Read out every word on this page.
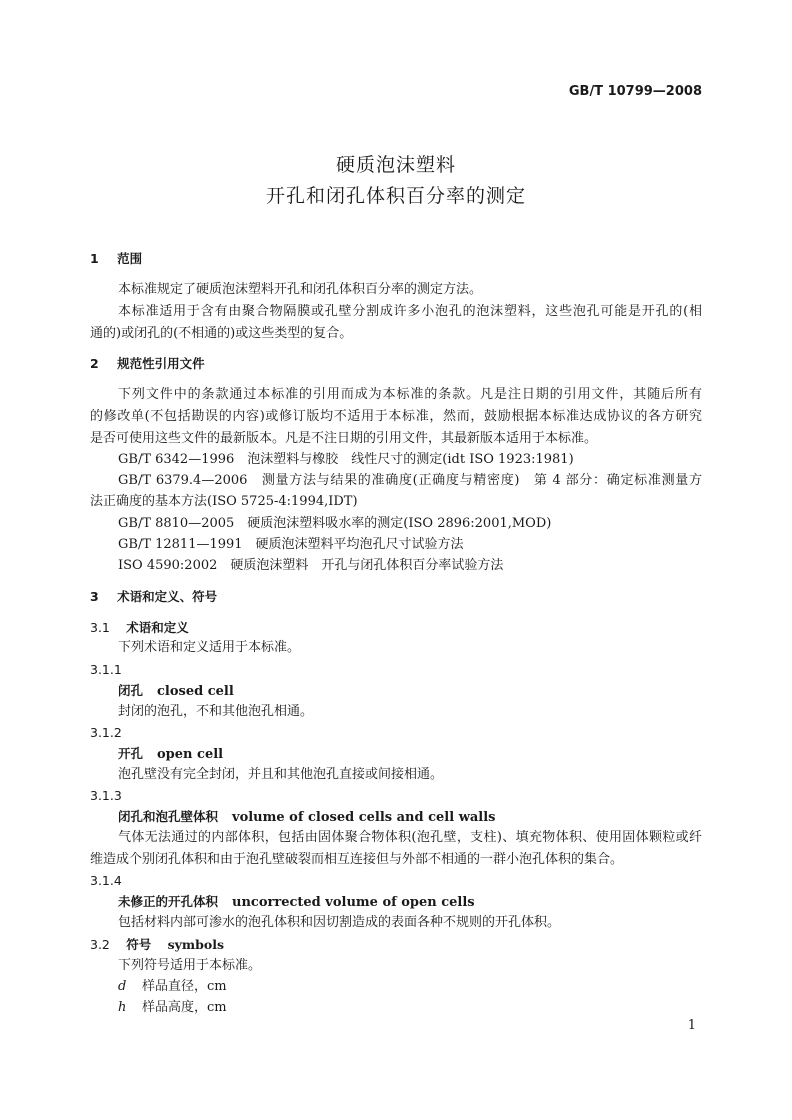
GB/T 10799—2008
硬质泡沫塑料
开孔和闭孔体积百分率的测定
1 范围
本标准规定了硬质泡沫塑料开孔和闭孔体积百分率的测定方法。
本标准适用于含有由聚合物隔膜或孔壁分割成许多小泡孔的泡沫塑料，这些泡孔可能是开孔的(相
通的)或闭孔的(不相通的)或这些类型的复合。
2 规范性引用文件
下列文件中的条款通过本标准的引用而成为本标准的条款。凡是注日期的引用文件，其随后所有
的修改单(不包括勘误的内容)或修订版均不适用于本标准，然而，鼓励根据本标准达成协议的各方研究
是否可使用这些文件的最新版本。凡是不注日期的引用文件，其最新版本适用于本标准。
GB/T 6342—1996　泡沫塑料与橡胶　线性尺寸的测定(idt ISO 1923:1981)
GB/T 6379.4—2006　测量方法与结果的准确度(正确度与精密度)　第 4 部分：确定标准测量方
法正确度的基本方法(ISO 5725-4:1994,IDT)
GB/T 8810—2005　硬质泡沫塑料吸水率的测定(ISO 2896:2001,MOD)
GB/T 12811—1991　硬质泡沫塑料平均泡孔尺寸试验方法
ISO 4590:2002　硬质泡沫塑料　开孔与闭孔体积百分率试验方法
3 术语和定义、符号
3.1 术语和定义
下列术语和定义适用于本标准。
3.1.1
闭孔 closed cell
封闭的泡孔，不和其他泡孔相通。
3.1.2
开孔 open cell
泡孔壁没有完全封闭，并且和其他泡孔直接或间接相通。
3.1.3
闭孔和泡孔壁体积 volume of closed cells and cell walls
气体无法通过的内部体积，包括由固体聚合物体积(泡孔壁，支柱)、填充物体积、使用固体颗粒或纤
维造成个别闭孔体积和由于泡孔壁破裂而相互连接但与外部不相通的一群小泡孔体积的集合。
3.1.4
未修正的开孔体积 uncorrected volume of open cells
包括材料内部可渗水的泡孔体积和因切割造成的表面各种不规则的开孔体积。
3.2 符号 symbols
下列符号适用于本标准。
d 样品直径，cm
h 样品高度，cm
1
